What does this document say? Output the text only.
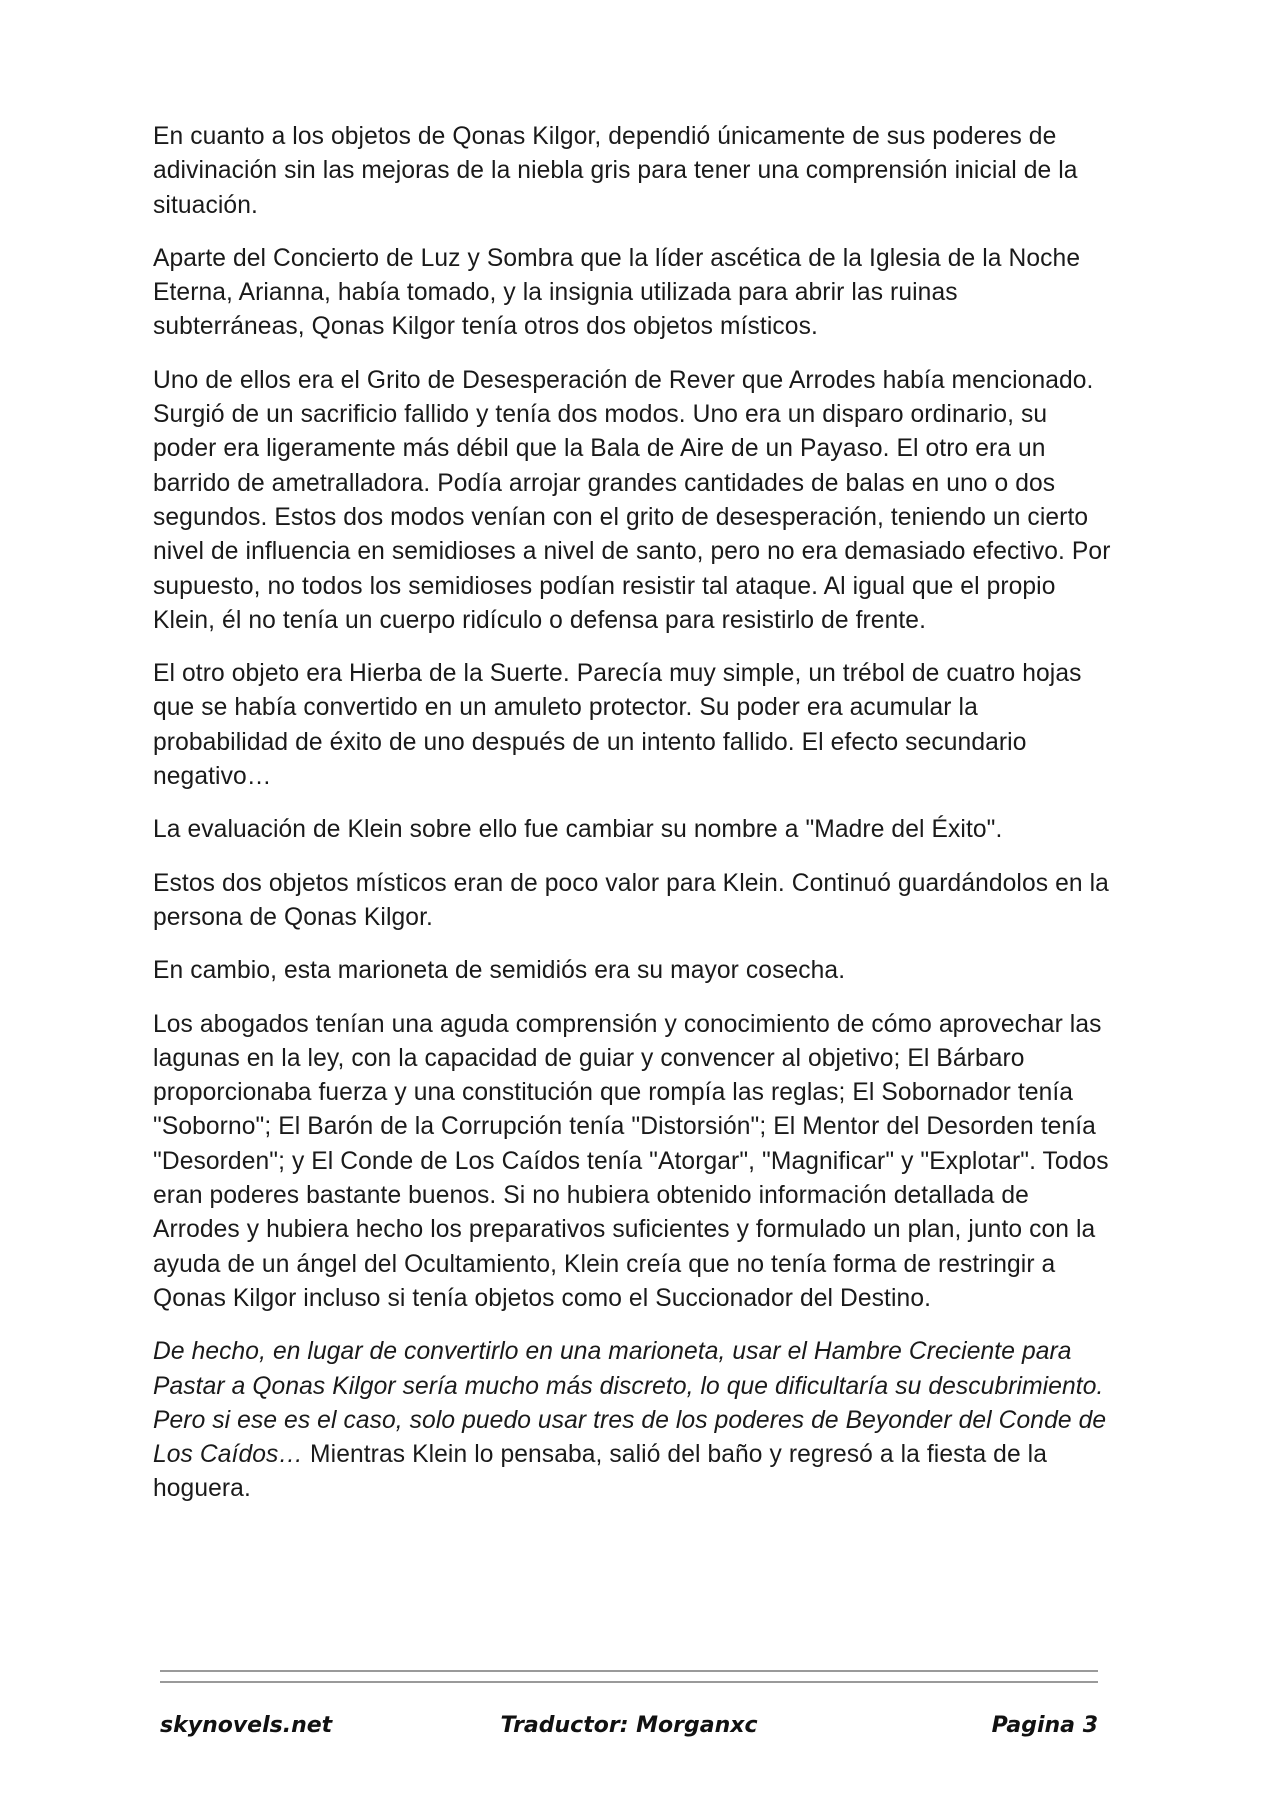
En cuanto a los objetos de Qonas Kilgor, dependió únicamente de sus poderes de adivinación sin las mejoras de la niebla gris para tener una comprensión inicial de la situación.

Aparte del Concierto de Luz y Sombra que la líder ascética de la Iglesia de la Noche Eterna, Arianna, había tomado, y la insignia utilizada para abrir las ruinas subterráneas, Qonas Kilgor tenía otros dos objetos místicos.

Uno de ellos era el Grito de Desesperación de Rever que Arrodes había mencionado. Surgió de un sacrificio fallido y tenía dos modos. Uno era un disparo ordinario, su poder era ligeramente más débil que la Bala de Aire de un Payaso. El otro era un barrido de ametralladora. Podía arrojar grandes cantidades de balas en uno o dos segundos. Estos dos modos venían con el grito de desesperación, teniendo un cierto nivel de influencia en semidioses a nivel de santo, pero no era demasiado efectivo. Por supuesto, no todos los semidioses podían resistir tal ataque. Al igual que el propio Klein, él no tenía un cuerpo ridículo o defensa para resistirlo de frente.

El otro objeto era Hierba de la Suerte. Parecía muy simple, un trébol de cuatro hojas que se había convertido en un amuleto protector. Su poder era acumular la probabilidad de éxito de uno después de un intento fallido. El efecto secundario negativo…

La evaluación de Klein sobre ello fue cambiar su nombre a "Madre del Éxito".

Estos dos objetos místicos eran de poco valor para Klein. Continuó guardándolos en la persona de Qonas Kilgor.

En cambio, esta marioneta de semidiós era su mayor cosecha.

Los abogados tenían una aguda comprensión y conocimiento de cómo aprovechar las lagunas en la ley, con la capacidad de guiar y convencer al objetivo; El Bárbaro proporcionaba fuerza y una constitución que rompía las reglas; El Sobornador tenía "Soborno"; El Barón de la Corrupción tenía "Distorsión"; El Mentor del Desorden tenía "Desorden"; y El Conde de Los Caídos tenía "Atorgar", "Magnificar" y "Explotar". Todos eran poderes bastante buenos. Si no hubiera obtenido información detallada de Arrodes y hubiera hecho los preparativos suficientes y formulado un plan, junto con la ayuda de un ángel del Ocultamiento, Klein creía que no tenía forma de restringir a Qonas Kilgor incluso si tenía objetos como el Succionador del Destino.

De hecho, en lugar de convertirlo en una marioneta, usar el Hambre Creciente para Pastar a Qonas Kilgor sería mucho más discreto, lo que dificultaría su descubrimiento. Pero si ese es el caso, solo puedo usar tres de los poderes de Beyonder del Conde de Los Caídos… Mientras Klein lo pensaba, salió del baño y regresó a la fiesta de la hoguera.

skynovels.net	Traductor: Morganxc	Pagina 3
